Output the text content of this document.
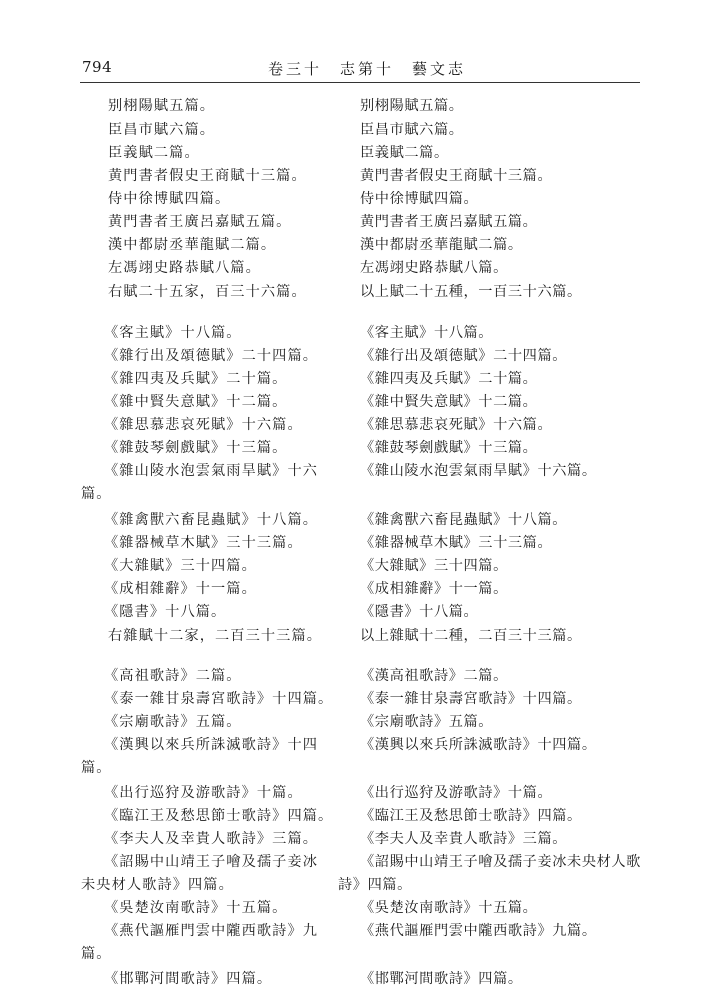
794	卷三十　志第十　藝文志
别栩陽賦五篇。
臣昌市賦六篇。
臣義賦二篇。
黄門書者假史王商賦十三篇。
侍中徐博賦四篇。
黄門書者王廣呂嘉賦五篇。
漢中都尉丞華龍賦二篇。
左馮翊史路恭賦八篇。
右賦二十五家，百三十六篇。
《客主賦》十八篇。
《雜行出及頌德賦》二十四篇。
《雜四夷及兵賦》二十篇。
《雜中賢失意賦》十二篇。
《雜思慕悲哀死賦》十六篇。
《雜鼓琴劍戲賦》十三篇。
《雜山陵水泡雲氣雨旱賦》十六
篇。
《雜禽獸六畜昆蟲賦》十八篇。
《雜器械草木賦》三十三篇。
《大雜賦》三十四篇。
《成相雜辭》十一篇。
《隱書》十八篇。
右雜賦十二家，二百三十三篇。
《高祖歌詩》二篇。
《泰一雜甘泉壽宮歌詩》十四篇。
《宗廟歌詩》五篇。
《漢興以來兵所誅滅歌詩》十四
篇。
《出行巡狩及游歌詩》十篇。
《臨江王及愁思節士歌詩》四篇。
《李夫人及幸貴人歌詩》三篇。
《詔賜中山靖王子噲及孺子妾冰
未央材人歌詩》四篇。
《吳楚汝南歌詩》十五篇。
《燕代謳雁門雲中隴西歌詩》九
篇。
《邯鄲河間歌詩》四篇。
别栩陽賦五篇。
臣昌市賦六篇。
臣義賦二篇。
黄門書者假史王商賦十三篇。
侍中徐博賦四篇。
黄門書者王廣呂嘉賦五篇。
漢中都尉丞華龍賦二篇。
左馮翊史路恭賦八篇。
以上賦二十五種，一百三十六篇。
《客主賦》十八篇。
《雜行出及頌德賦》二十四篇。
《雜四夷及兵賦》二十篇。
《雜中賢失意賦》十二篇。
《雜思慕悲哀死賦》十六篇。
《雜鼓琴劍戲賦》十三篇。
《雜山陵水泡雲氣雨旱賦》十六篇。
《雜禽獸六畜昆蟲賦》十八篇。
《雜器械草木賦》三十三篇。
《大雜賦》三十四篇。
《成相雜辭》十一篇。
《隱書》十八篇。
以上雜賦十二種，二百三十三篇。
《漢高祖歌詩》二篇。
《泰一雜甘泉壽宮歌詩》十四篇。
《宗廟歌詩》五篇。
《漢興以來兵所誅滅歌詩》十四篇。
《出行巡狩及游歌詩》十篇。
《臨江王及愁思節士歌詩》四篇。
《李夫人及幸貴人歌詩》三篇。
《詔賜中山靖王子噲及孺子妾冰未央材人歌
詩》四篇。
《吳楚汝南歌詩》十五篇。
《燕代謳雁門雲中隴西歌詩》九篇。
《邯鄲河間歌詩》四篇。
